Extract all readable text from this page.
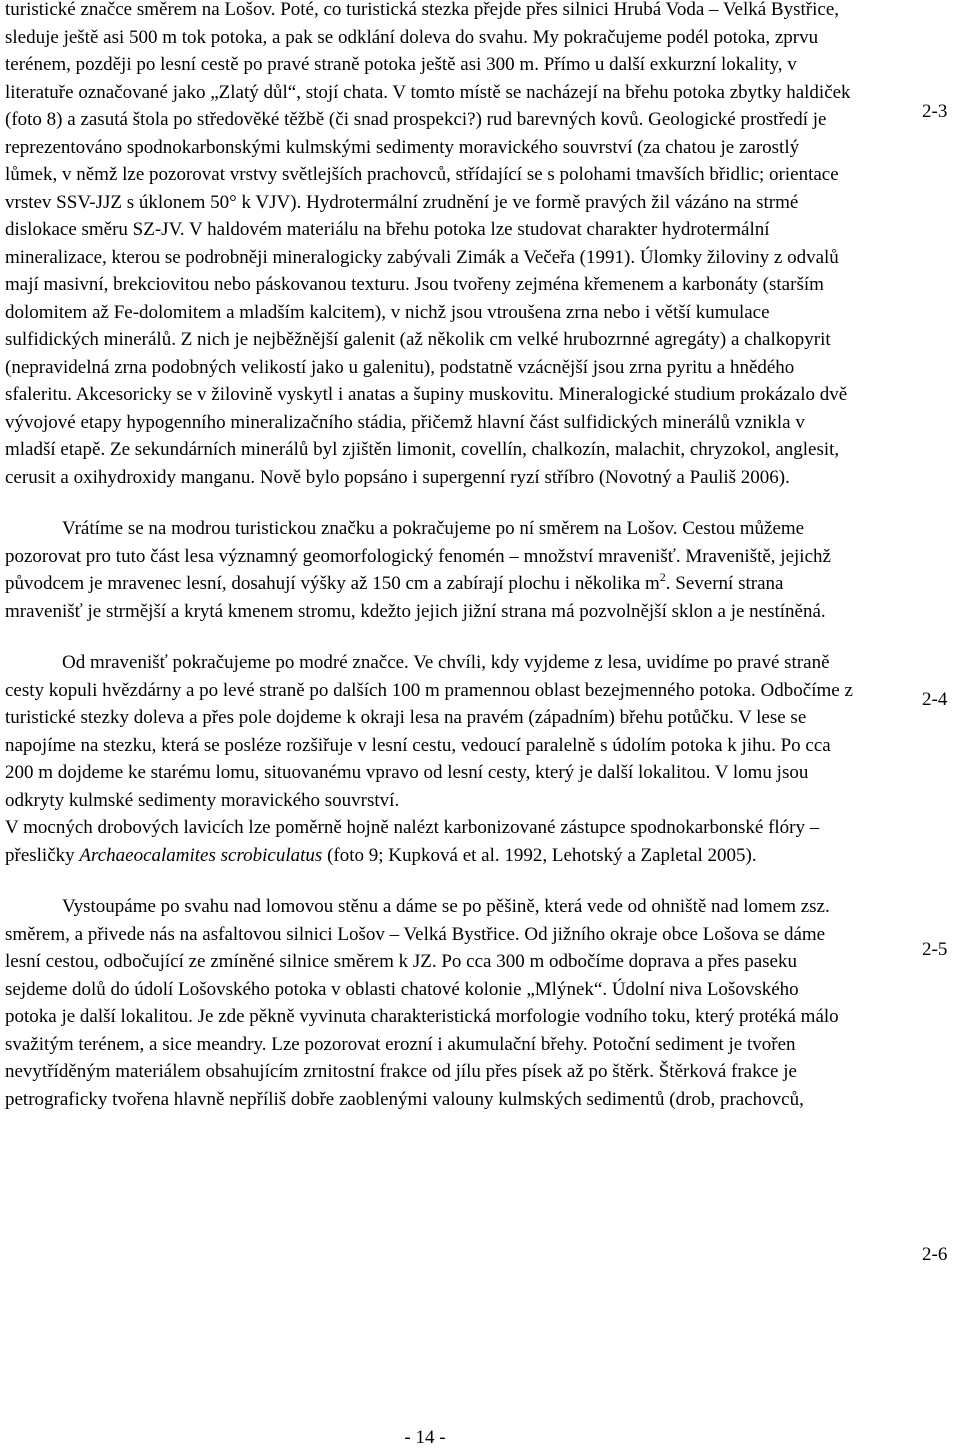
turistické značce směrem na Lošov. Poté, co turistická stezka přejde přes silnici Hrubá Voda – Velká Bystřice, sleduje ještě asi 500 m tok potoka, a pak se odklání doleva do svahu. My pokračujeme podél potoka, zprvu terénem, později po lesní cestě po pravé straně potoka ještě asi 300 m. Přímo u další exkurzní lokality, v literatuře označované jako „Zlatý důl“, stojí chata. V tomto místě se nacházejí na břehu potoka zbytky haldiček (foto 8) a zasutá štola po středověké těžbě (či snad prospekci?) rud barevných kovů. Geologické prostředí je reprezentováno spodnokarbonskými kulmskými sedimenty moravického souvrství (za chatou je zarostlý lůmek, v němž lze pozorovat vrstvy světlejších prachovců, střídající se s polohami tmavších břidlic; orientace vrstev SSV-JJZ s úklonem 50° k VJV). Hydrotermální zrudnění je ve formě pravých žil vázáno na strmé dislokace směru SZ-JV. V haldovém materiálu na břehu potoka lze studovat charakter hydrotermální mineralizace, kterou se podrobněji mineralogicky zabývali Zimák a Večeřa (1991). Úlomky žiloviny z odvalů mají masivní, brekciovitou nebo páskovanou texturu. Jsou tvořeny zejména křemenem a karbonáty (starším dolomitem až Fe-dolomitem a mladším kalcitem), v nichž jsou vtroušena zrna nebo i větší kumulace sulfidických minerálů. Z nich je nejběžnější galenit (až několik cm velké hrubozrnné agregáty) a chalkopyrit (nepravidelná zrna podobných velikostí jako u galenitu), podstatně vzácnější jsou zrna pyritu a hnědého sfaleritu. Akcesoricky se v žilovině vyskytl i anatas a šupiny muskovitu. Mineralogické studium prokázalo dvě vývojové etapy hypogenního mineralizačního stádia, přičemž hlavní část sulfidických minerálů vznikla v mladší etapě. Ze sekundárních minerálů byl zjištěn limonit, covellín, chalkozín, malachit, chryzokol, anglesit, cerusit a oxihydroxidy manganu. Nově bylo popsáno i supergenní ryzí stříbro (Novotný a Pauliš 2006).

Vrátíme se na modrou turistickou značku a pokračujeme po ní směrem na Lošov. Cestou můžeme pozorovat pro tuto část lesa významný geomorfologický fenomén – množství mravenišť. Mraveniště, jejichž původcem je mravenec lesní, dosahují výšky až 150 cm a zabírají plochu i několika $m^2$. Severní strana mravenišť je strmější a krytá kmenem stromu, kdežto jejich jižní strana má pozvolnější sklon a je nestíněná.

Od mravenišť pokračujeme po modré značce. Ve chvíli, kdy vyjdeme z lesa, uvidíme po pravé straně cesty kopuli hvězdárny a po levé straně po dalších 100 m pramennou oblast bezejmenného potoka. Odbočíme z turistické stezky doleva a přes pole dojdeme k okraji lesa na pravém (západním) břehu potůčku. V lese se napojíme na stezku, která se posléze rozšiřuje v lesní cestu, vedoucí paralelně s údolím potoka k jihu. Po cca 200 m dojdeme ke starému lomu, situovanému vpravo od lesní cesty, který je další lokalitou. V lomu jsou odkryty kulmské sedimenty moravického souvrství.

V mocných drobových lavicích lze poměrně hojně nalézt karbonizované zástupce spodnokarbonské flóry – přesličky Archaeocalamites scrobiculatus (foto 9; Kupková et al. 1992, Lehotský a Zapletal 2005).

Vystoupáme po svahu nad lomovou stěnu a dáme se po pěšině, která vede od ohniště nad lomem zsz. směrem, a přivede nás na asfaltovou silnici Lošov – Velká Bystřice. Od jižního okraje obce Lošova se dáme lesní cestou, odbočující ze zmíněné silnice směrem k JZ. Po cca 300 m odbočíme doprava a přes paseku sejdeme dolů do údolí Lošovského potoka v oblasti chatové kolonie „Mlýnek“. Údolní niva Lošovského potoka je další lokalitou. Je zde pěkně vyvinuta charakteristická morfologie vodního toku, který protéká málo svažitým terénem, a sice meandry. Lze pozorovat erozní i akumulační břehy. Potoční sediment je tvořen nevytříděným materiálem obsahujícím zrnitostní frakce od jílu přes písek až po štěrk. Štěrková frakce je petrograficky tvořena hlavně nepříliš dobře zaoblenými valouny kulmských sedimentů (drob, prachovců,

2-3
2-4
2-5
2-6
- 14 -
